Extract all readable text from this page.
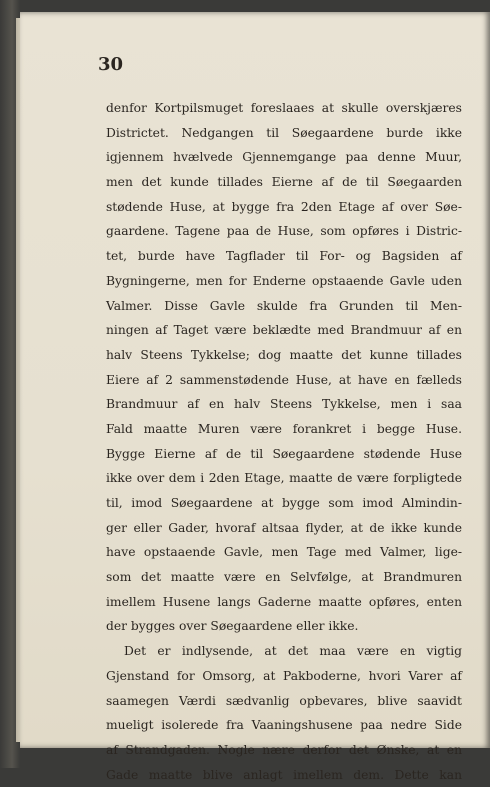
30
denfor Kortpilsmuget foreslaaes at skulle overskjæres
Districtet. Nedgangen til Søegaardene burde ikke
igjennem hvælvede Gjennemgange paa denne Muur,
men det kunde tillades Eierne af de til Søegaarden
stødende Huse, at bygge fra 2den Etage af over Søe-
gaardene. Tagene paa de Huse, som opføres i Distric-
tet, burde have Tagflader til For- og Bagsiden af
Bygningerne, men for Enderne opstaaende Gavle uden
Valmer. Disse Gavle skulde fra Grunden til Men-
ningen af Taget være beklædte med Brandmuur af en
halv Steens Tykkelse; dog maatte det kunne tillades
Eiere af 2 sammenstødende Huse, at have en fælleds
Brandmuur af en halv Steens Tykkelse, men i saa
Fald maatte Muren være forankret i begge Huse.
Bygge Eierne af de til Søegaardene stødende Huse
ikke over dem i 2den Etage, maatte de være forpligtede
til, imod Søegaardene at bygge som imod Almindin-
ger eller Gader, hvoraf altsaa flyder, at de ikke kunde
have opstaaende Gavle, men Tage med Valmer, lige-
som det maatte være en Selvfølge, at Brandmuren
imellem Husene langs Gaderne maatte opføres, enten
der bygges over Søegaardene eller ikke.
Det er indlysende, at det maa være en vigtig
Gjenstand for Omsorg, at Pakboderne, hvori Varer af
saamegen Værdi sædvanlig opbevares, blive saavidt
mueligt isolerede fra Vaaningshusene paa nedre Side
af Strandgaden. Nogle nære derfor det Ønske, at en
Gade maatte blive anlagt imellem dem. Dette kan
